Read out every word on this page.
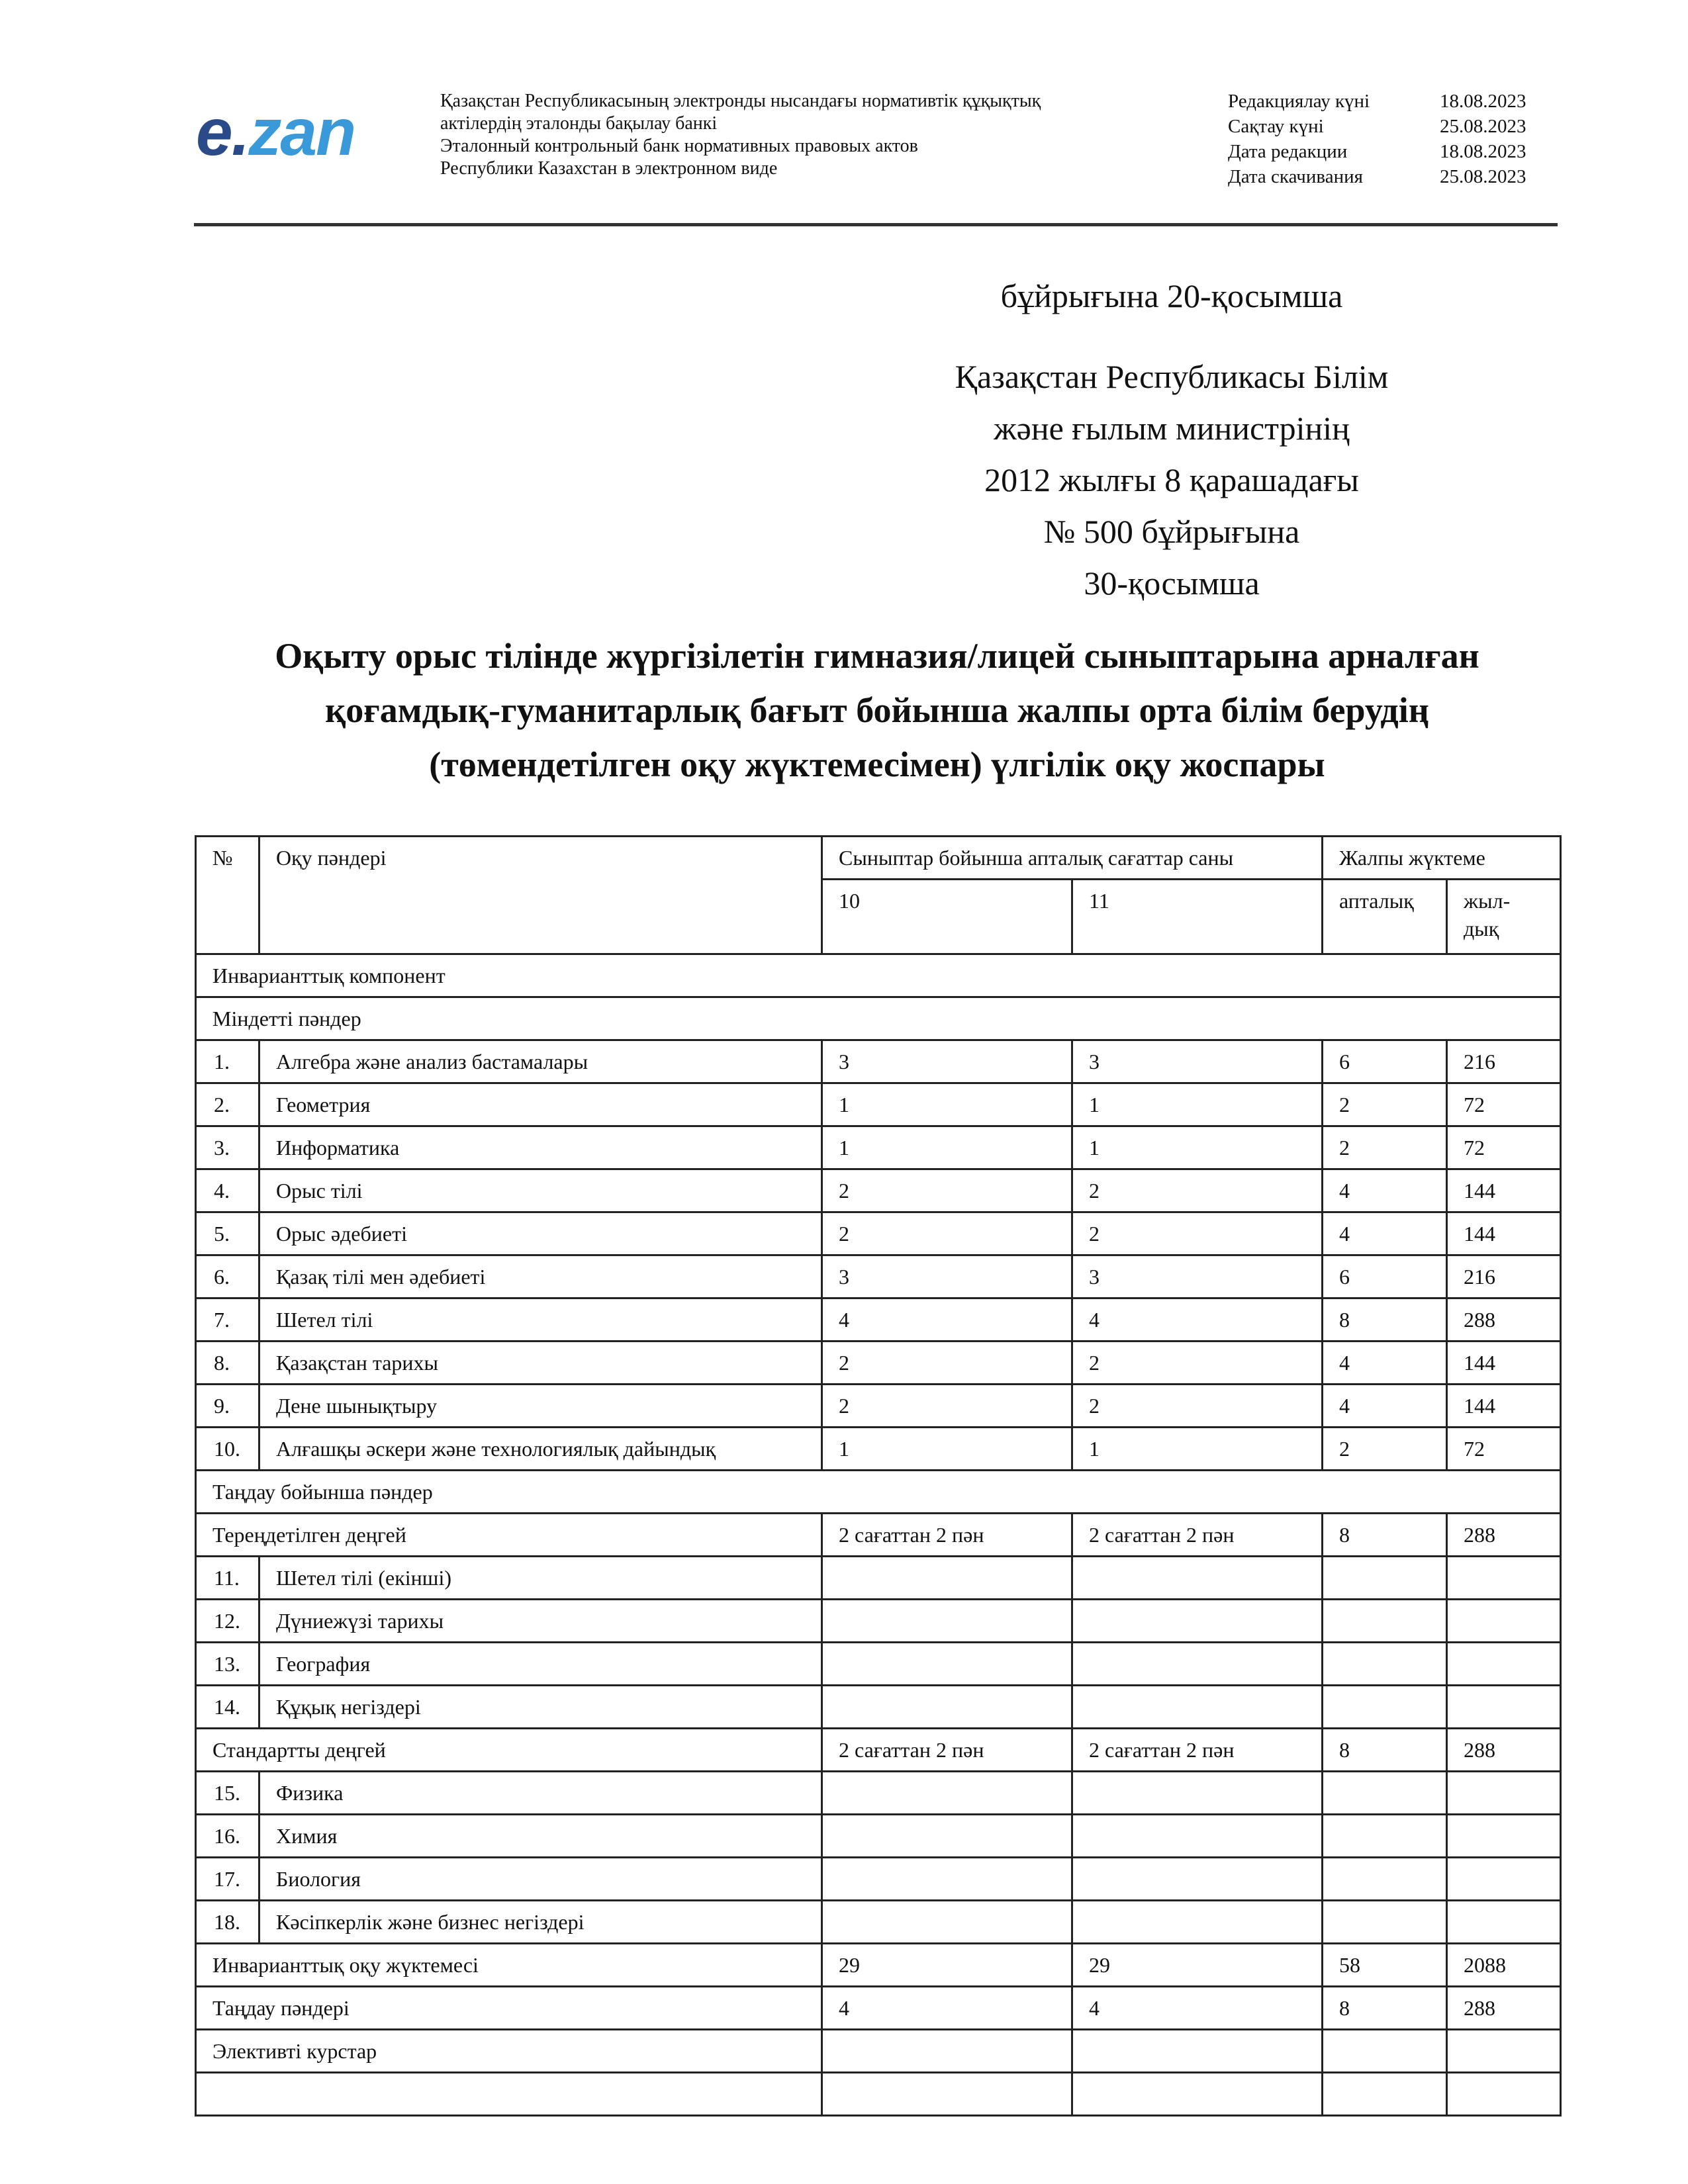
e.zan	Қазақстан Республикасының электронды нысандағы нормативтік құқықтық
актілердің эталонды бақылау банкі
Эталонный контрольный банк нормативных правовых актов
Республики Казахстан в электронном виде
Редакциялау күні	18.08.2023
Сақтау күні	25.08.2023
Дата редакции	18.08.2023
Дата скачивания	25.08.2023
бұйрығына 20-қосымша
Қазақстан Республикасы Білім
және ғылым министрінің
2012 жылғы 8 қарашадағы
№ 500 бұйрығына
30-қосымша
Оқыту орыс тілінде жүргізілетін гимназия/лицей сыныптарына арналған
қоғамдық-гуманитарлық бағыт бойынша жалпы орта білім берудің
(төмендетілген оқу жүктемесімен) үлгілік оқу жоспары
№	Оқу пәндері	Сыныптар бойынша апталық сағаттар саны		Жалпы жүктеме	
		10	11	апталық	жыл-дық
Инварианттық компонент					
Міндетті пәндер					
1.	Алгебра және анализ бастамалары	3	3	6	216
2.	Геометрия	1	1	2	72
3.	Информатика	1	1	2	72
4.	Орыс тілі	2	2	4	144
5.	Орыс әдебиеті	2	2	4	144
6.	Қазақ тілі мен әдебиеті	3	3	6	216
7.	Шетел тілі	4	4	8	288
8.	Қазақстан тарихы	2	2	4	144
9.	Дене шынықтыру	2	2	4	144
10.	Алғашқы әскери және технологиялық дайындық	1	1	2	72
Таңдау бойынша пәндер					
Тереңдетілген деңгей		2 сағаттан 2 пән	2 сағаттан 2 пән	8	288
11.	Шетел тілі (екінші)				
12.	Дүниежүзі тарихы				
13.	География				
14.	Құқық негіздері				
Стандартты деңгей		2 сағаттан 2 пән	2 сағаттан 2 пән	8	288
15.	Физика				
16.	Химия				
17.	Биология				
18.	Кәсіпкерлік және бизнес негіздері				
Инварианттық оқу жүктемесі		29	29	58	2088
Таңдау пәндері		4	4	8	288
Элективті курстар					
